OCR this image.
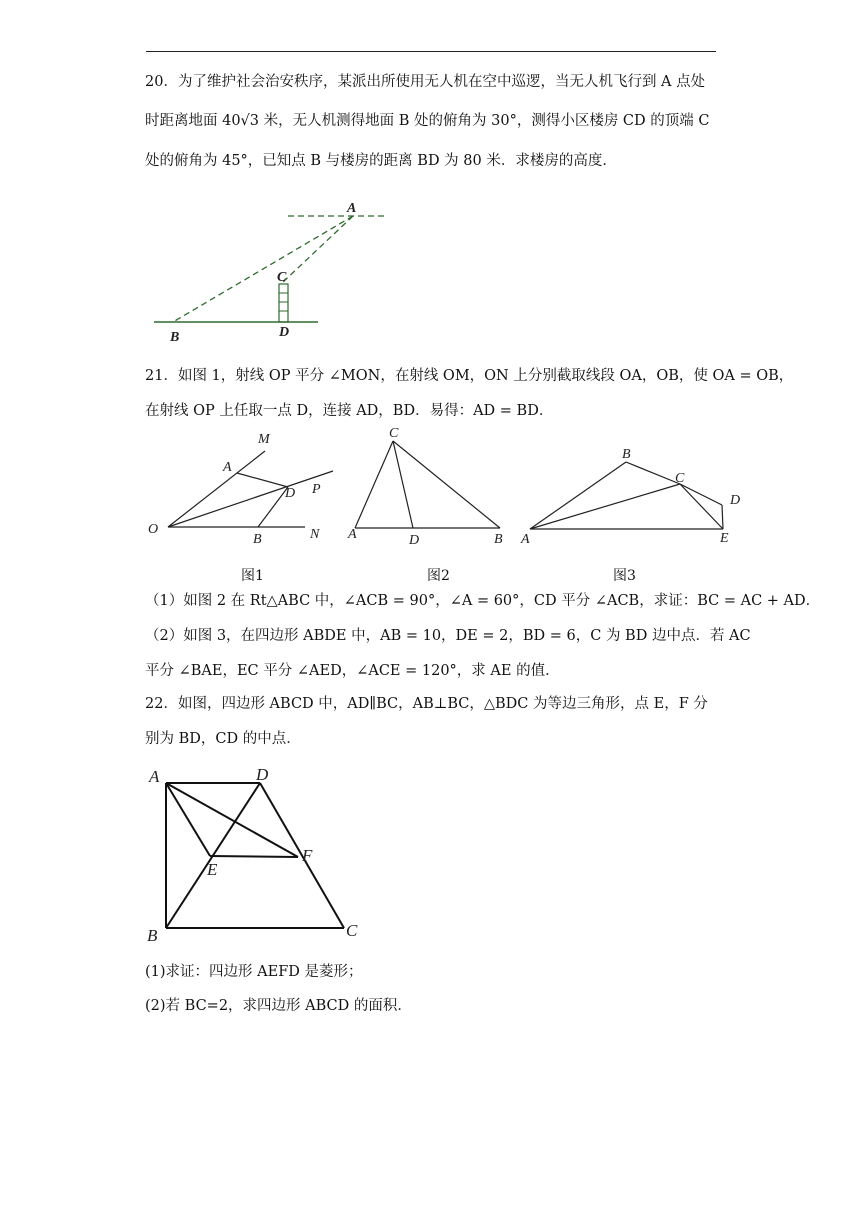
20．为了维护社会治安秩序，某派出所使用无人机在空中巡逻，当无人机飞行到 A 点处
时距离地面 40√3 米，无人机测得地面 B 处的俯角为 30°，测得小区楼房 CD 的顶端 C
处的俯角为 45°，已知点 B 与楼房的距离 BD 为 80 米．求楼房的高度．
A
B
C
D
21．如图 1，射线 OP 平分 ∠MON，在射线 OM，ON 上分别截取线段 OA，OB，使 OA = OB，
在射线 OP 上任取一点 D，连接 AD，BD．易得：AD = BD．
M
A
D P
O
B	N
C
A	D	B
B
C
D
A	E
图1	图2	图3
（1）如图 2 在 Rt△ABC 中，∠ACB = 90°，∠A = 60°，CD 平分 ∠ACB，求证：BC = AC + AD．
（2）如图 3，在四边形 ABDE 中，AB = 10，DE = 2，BD = 6，C 为 BD 边中点．若 AC
平分 ∠BAE，EC 平分 ∠AED，∠ACE = 120°，求 AE 的值．
22．如图，四边形 ABCD 中，AD∥BC，AB⊥BC，△BDC 为等边三角形，点 E，F 分
别为 BD，CD 的中点．
A	D
E
F
B	C
(1)求证：四边形 AEFD 是菱形；
(2)若 BC=2，求四边形 ABCD 的面积．
